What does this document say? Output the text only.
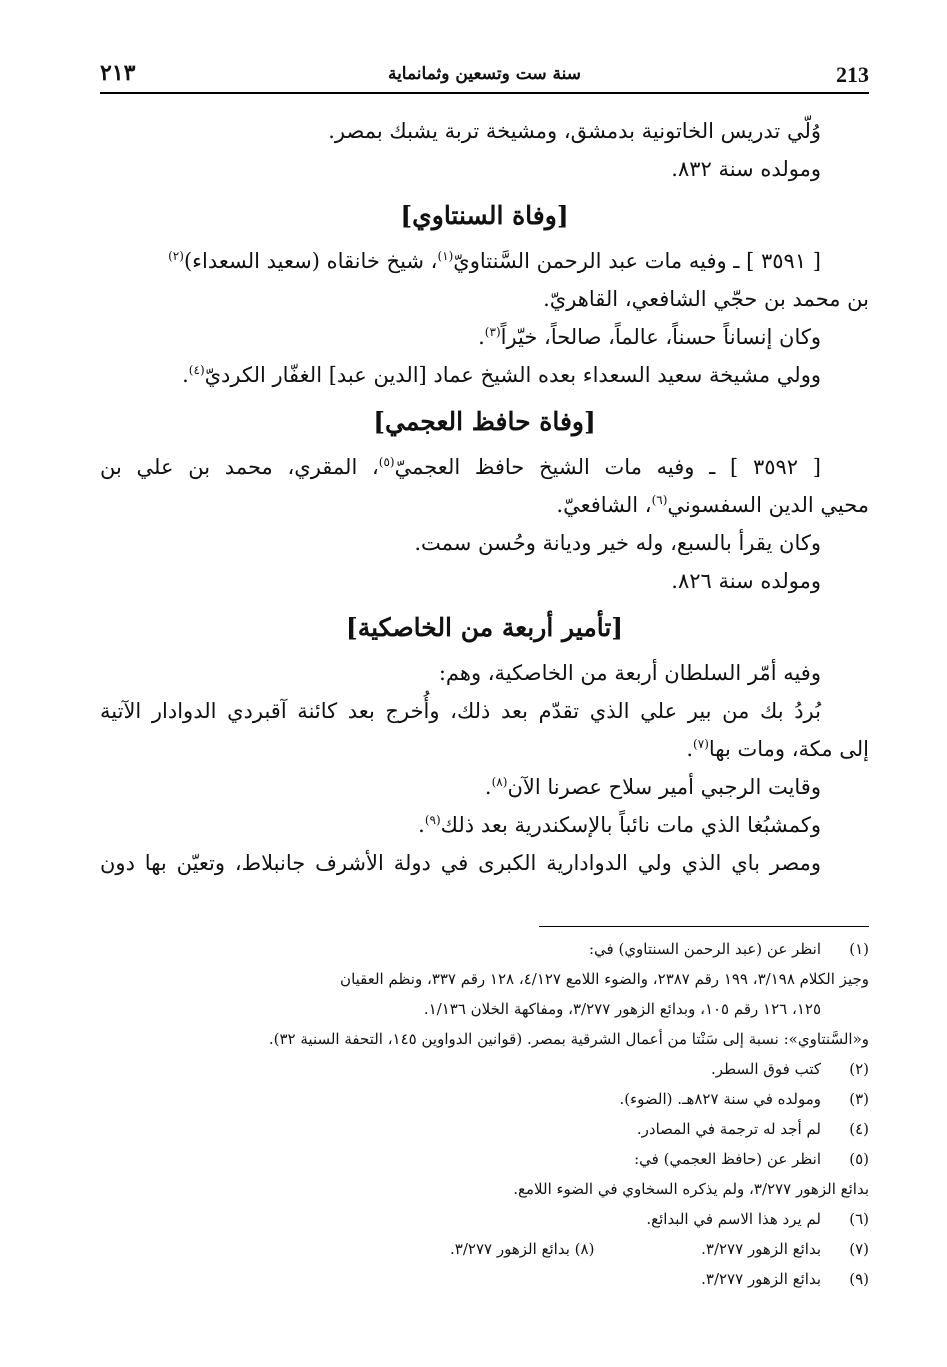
213
سنة ست وتسعين وثمانماية
٢١٣

وُلّي تدريس الخاتونية بدمشق، ومشيخة تربة يشبك بمصر.

ومولده سنة ٨٣٢.

[وفاة السنتاوي]

[ ٣٥٩١ ] ـ وفيه مات عبد الرحمن السَّنتاويّ$^{(١)}$، شيخ خانقاه (سعيد السعداء)$^{(٢)}$

بن محمد بن حجّي الشافعي، القاهريّ.

وكان إنساناً حسناً، عالماً، صالحاً، خيّراً$^{(٣)}$.

وولي مشيخة سعيد السعداء بعده الشيخ عماد [الدين عبد] الغفّار الكرديّ$^{(٤)}$.

[وفاة حافظ العجمي]

[ ٣٥٩٢ ] ـ وفيه مات الشيخ حافظ العجميّ$^{(٥)}$، المقري، محمد بن علي بن

محيي الدين السفسوني$^{(٦)}$، الشافعيّ.

وكان يقرأ بالسبع، وله خير وديانة وحُسن سمت.

ومولده سنة ٨٢٦.

[تأمير أربعة من الخاصكية]

وفيه أمّر السلطان أربعة من الخاصكية، وهم:

بُردُ بك من بير علي الذي تقدّم بعد ذلك، وأُخرج بعد كائنة آقبردي الدوادار الآتية

إلى مكة، ومات بها$^{(٧)}$.

وقايت الرجبي أمير سلاح عصرنا الآن$^{(٨)}$.

وكمشبُغا الذي مات نائباً بالإسكندرية بعد ذلك$^{(٩)}$.

ومصر باي الذي ولي الدوادارية الكبرى في دولة الأشرف جانبلاط، وتعيّن بها دون

(١)انظر عن (عبد الرحمن السنتاوي) في:

وجيز الكلام ٣/١٩٨، ١٩٩ رقم ٢٣٨٧، والضوء اللامع ٤/١٢٧، ١٢٨ رقم ٣٣٧، ونظم العقيان

١٢٥، ١٢٦ رقم ١٠٥، وبدائع الزهور ٣/٢٧٧، ومفاكهة الخلان ١/١٣٦.

و«السَّنتاوي»: نسبة إلى سَنْتا من أعمال الشرقية بمصر. (قوانين الدواوين ١٤٥، التحفة السنية ٣٢).

(٢)كتب فوق السطر.

(٣)ومولده في سنة ٨٢٧هـ. (الضوء).

(٤)لم أجد له ترجمة في المصادر.

(٥)انظر عن (حافظ العجمي) في:

بدائع الزهور ٣/٢٧٧، ولم يذكره السخاوي في الضوء اللامع.

(٦)لم يرد هذا الاسم في البدائع.

(٧)بدائع الزهور ٣/٢٧٧.
(٨) بدائع الزهور ٣/٢٧٧.

(٩)بدائع الزهور ٣/٢٧٧.
